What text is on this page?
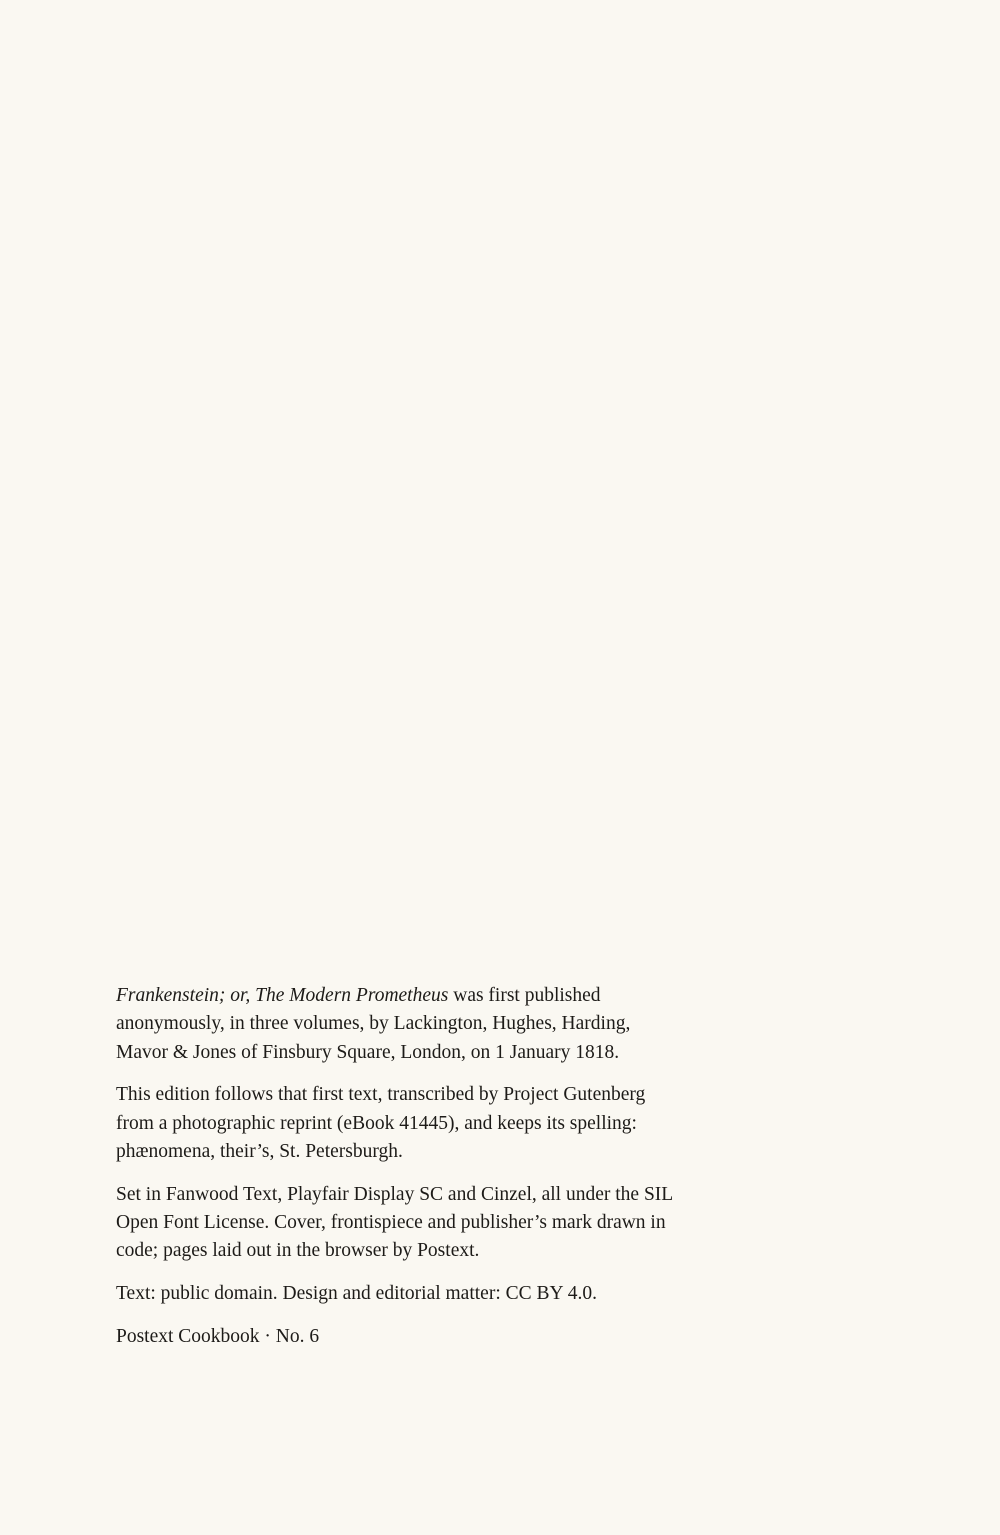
Frankenstein; or, The Modern Prometheus was first published anonymously, in three volumes, by Lackington, Hughes, Harding, Mavor & Jones of Finsbury Square, London, on 1 January 1818.

This edition follows that first text, transcribed by Project Gutenberg from a photographic reprint (eBook 41445), and keeps its spelling: phænomena, their’s, St. Petersburgh.

Set in Fanwood Text, Playfair Display SC and Cinzel, all under the SIL Open Font License. Cover, frontispiece and publisher’s mark drawn in code; pages laid out in the browser by Postext.

Text: public domain. Design and editorial matter: CC BY 4.0.

Postext Cookbook · No. 6
